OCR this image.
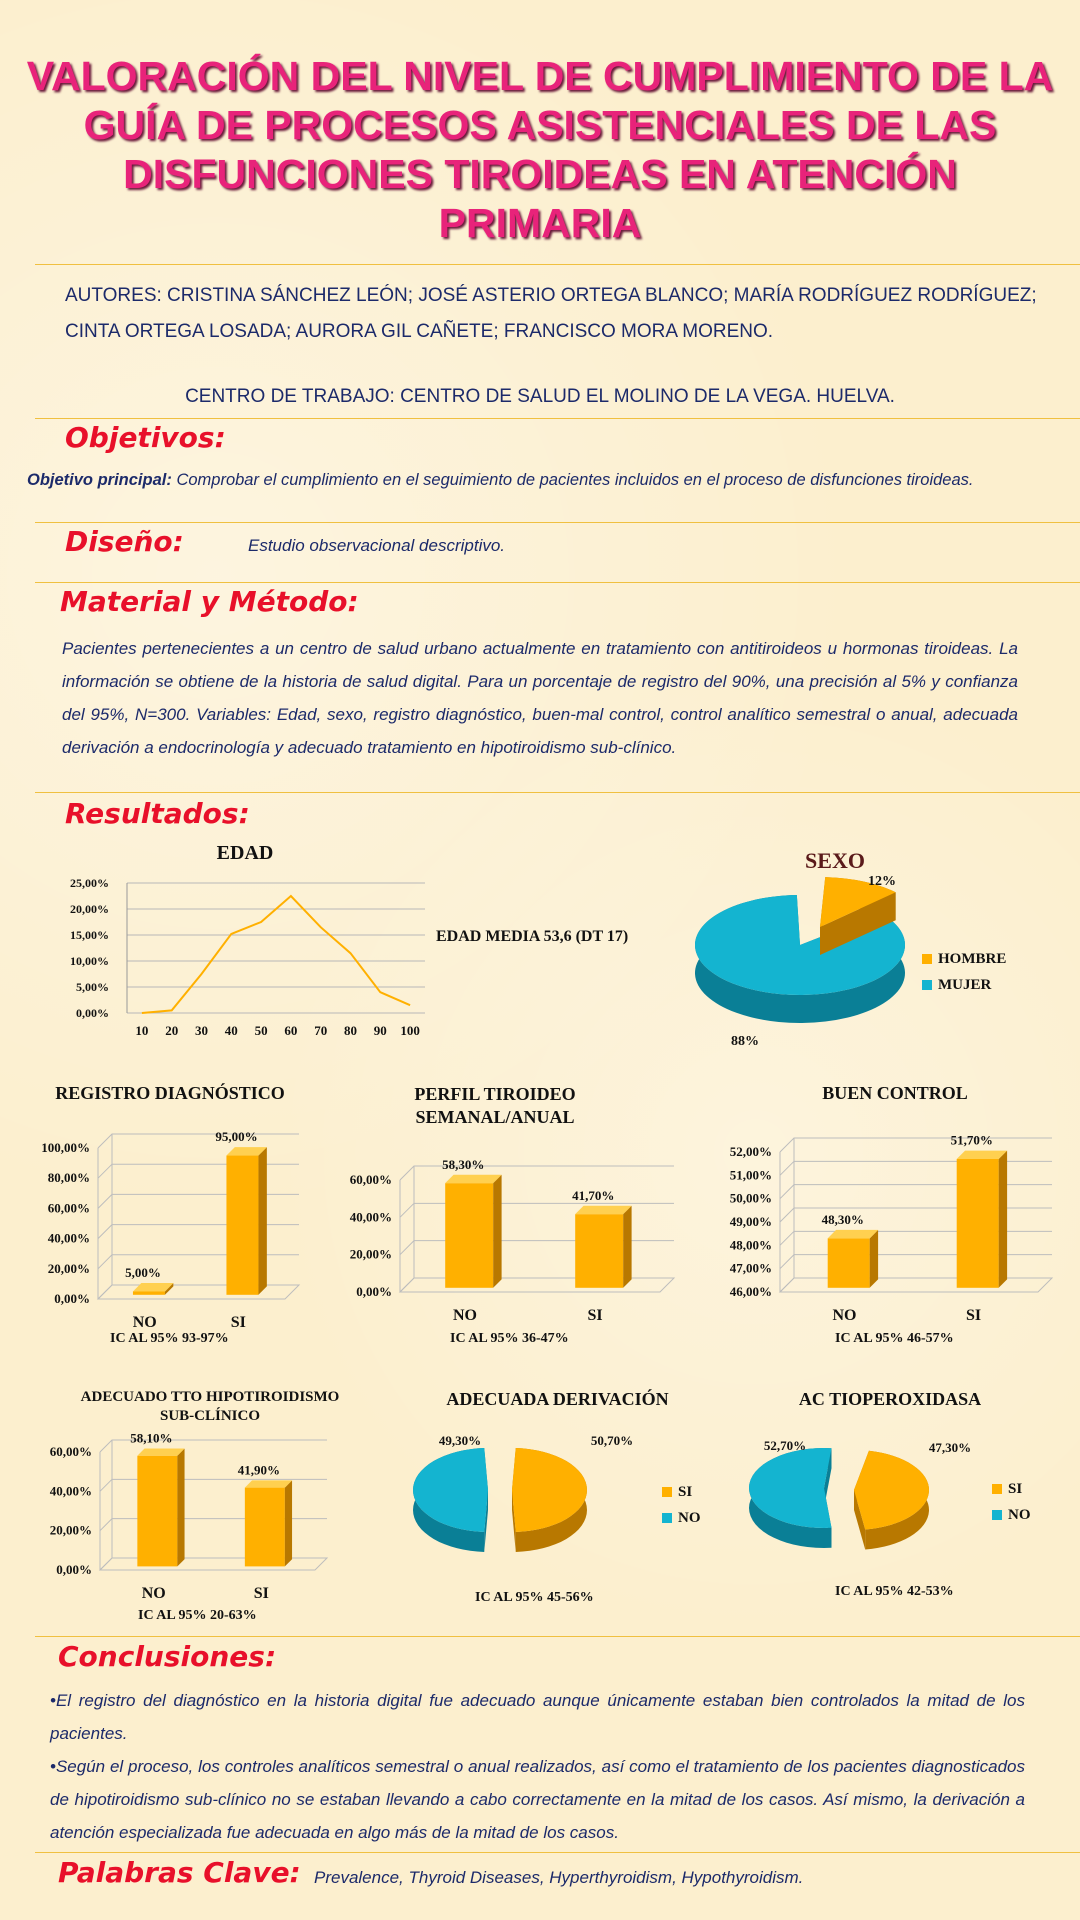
VALORACIÓN DEL NIVEL DE CUMPLIMIENTO DE LA GUÍA DE PROCESOS ASISTENCIALES DE LAS DISFUNCIONES TIROIDEAS EN ATENCIÓN PRIMARIA
AUTORES: CRISTINA SÁNCHEZ LEÓN; JOSÉ ASTERIO ORTEGA BLANCO; MARÍA RODRÍGUEZ RODRÍGUEZ;
CINTA ORTEGA LOSADA; AURORA GIL CAÑETE; FRANCISCO MORA MORENO.
CENTRO DE TRABAJO: CENTRO DE SALUD EL MOLINO DE LA VEGA. HUELVA.
Objetivos:
Objetivo principal: Comprobar el cumplimiento en el seguimiento de pacientes incluidos en el proceso de disfunciones tiroideas.
Diseño:	Estudio observacional descriptivo.
Material y Método:
Pacientes pertenecientes a un centro de salud urbano actualmente en tratamiento con antitiroideos u hormonas tiroideas. La información se obtiene de la historia de salud digital. Para un porcentaje de registro del 90%, una precisión al 5% y confianza del 95%, N=300. Variables: Edad, sexo, registro diagnóstico, buen-mal control, control analítico semestral o anual, adecuada derivación a endocrinología y adecuado tratamiento en hipotiroidismo sub-clínico.
Resultados:
EDAD
0,00%
5,00%
10,00%
15,00%
20,00%
25,00%
10 20 30 40 50 60 70 80 90 100
EDAD MEDIA 53,6 (DT 17)
SEXO
12%
88%
HOMBRE
MUJER
REGISTRO DIAGNÓSTICO	PERFIL TIROIDEO SEMANAL/ANUAL
BUEN CONTROL
ADECUADO TTO HIPOTIROIDISMO SUB-CLÍNICO
ADECUADA DERIVACIÓN	AC TIOPEROXIDASA
0,00%
20,00%
40,00%
60,00%
80,00%
100,00%
5,00%
NO
95,00%
SI
0,00%
20,00%
40,00%
60,00%
58,30%
NO
41,70%
SI
46,00%
47,00%
48,00%
49,00%
50,00%
51,00%
52,00%
48,30%
NO
51,70%
SI
0,00%
20,00%
40,00%
60,00%
58,10%
NO
41,90%
SI
49,30%	50,70%
SI
NO
52,70%	47,30%
SI
NO
IC AL 95% 93-97%	IC AL 95% 36-47%	IC AL 95% 46-57%
IC AL 95% 20-63%
IC AL 95% 45-56%	IC AL 95% 42-53%
Conclusiones:
•El registro del diagnóstico en la historia digital fue adecuado aunque únicamente estaban bien controlados la mitad de los pacientes.
•Según el proceso, los controles analíticos semestral o anual realizados, así como el tratamiento de los pacientes diagnosticados de hipotiroidismo sub-clínico no se estaban llevando a cabo correctamente en la mitad de los casos. Así mismo, la derivación a atención especializada fue adecuada en algo más de la mitad de los casos.
Palabras Clave: Prevalence, Thyroid Diseases, Hyperthyroidism, Hypothyroidism.
